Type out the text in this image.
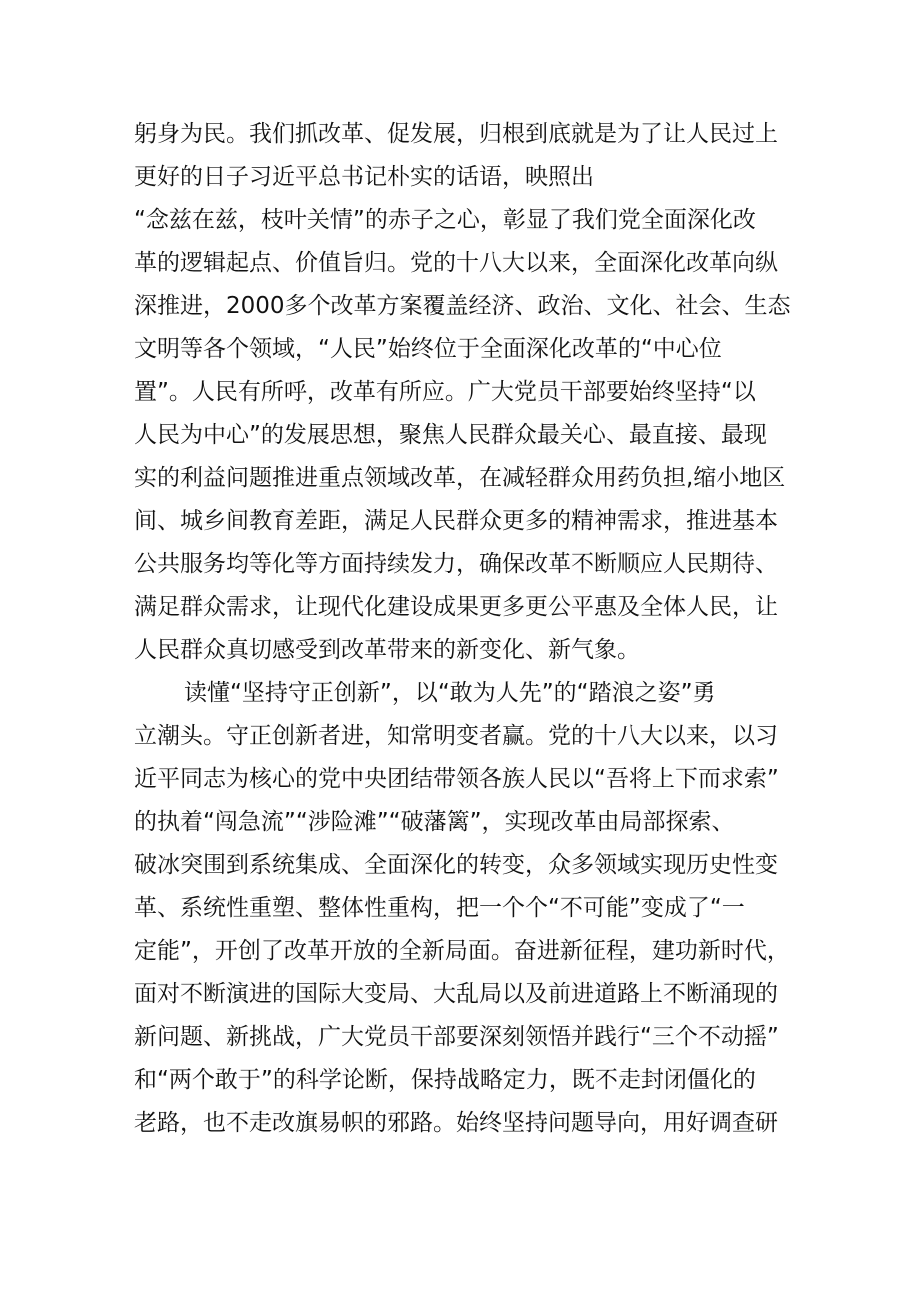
躬身为民。我们抓改革、促发展，归根到底就是为了让人民过上
更好的日子习近平总书记朴实的话语，映照出
“念兹在兹，枝叶关情”的赤子之心，彰显了我们党全面深化改
革的逻辑起点、价值旨归。党的十八大以来，全面深化改革向纵
深推进，2000多个改革方案覆盖经济、政治、文化、社会、生态
文明等各个领域，“人民”始终位于全面深化改革的“中心位
置”。人民有所呼，改革有所应。广大党员干部要始终坚持“以
人民为中心”的发展思想，聚焦人民群众最关心、最直接、最现
实的利益问题推进重点领域改革，在减轻群众用药负担,缩小地区
间、城乡间教育差距，满足人民群众更多的精神需求，推进基本
公共服务均等化等方面持续发力，确保改革不断顺应人民期待、
满足群众需求，让现代化建设成果更多更公平惠及全体人民，让
人民群众真切感受到改革带来的新变化、新气象。
读懂“坚持守正创新”，以“敢为人先”的“踏浪之姿”勇
立潮头。守正创新者进，知常明变者赢。党的十八大以来，以习
近平同志为核心的党中央团结带领各族人民以“吾将上下而求索”
的执着“闯急流”“涉险滩”“破藩篱”，实现改革由局部探索、
破冰突围到系统集成、全面深化的转变，众多领域实现历史性变
革、系统性重塑、整体性重构，把一个个“不可能”变成了“一
定能”，开创了改革开放的全新局面。奋进新征程，建功新时代，
面对不断演进的国际大变局、大乱局以及前进道路上不断涌现的
新问题、新挑战，广大党员干部要深刻领悟并践行“三个不动摇”
和“两个敢于”的科学论断，保持战略定力，既不走封闭僵化的
老路，也不走改旗易帜的邪路。始终坚持问题导向，用好调查研
